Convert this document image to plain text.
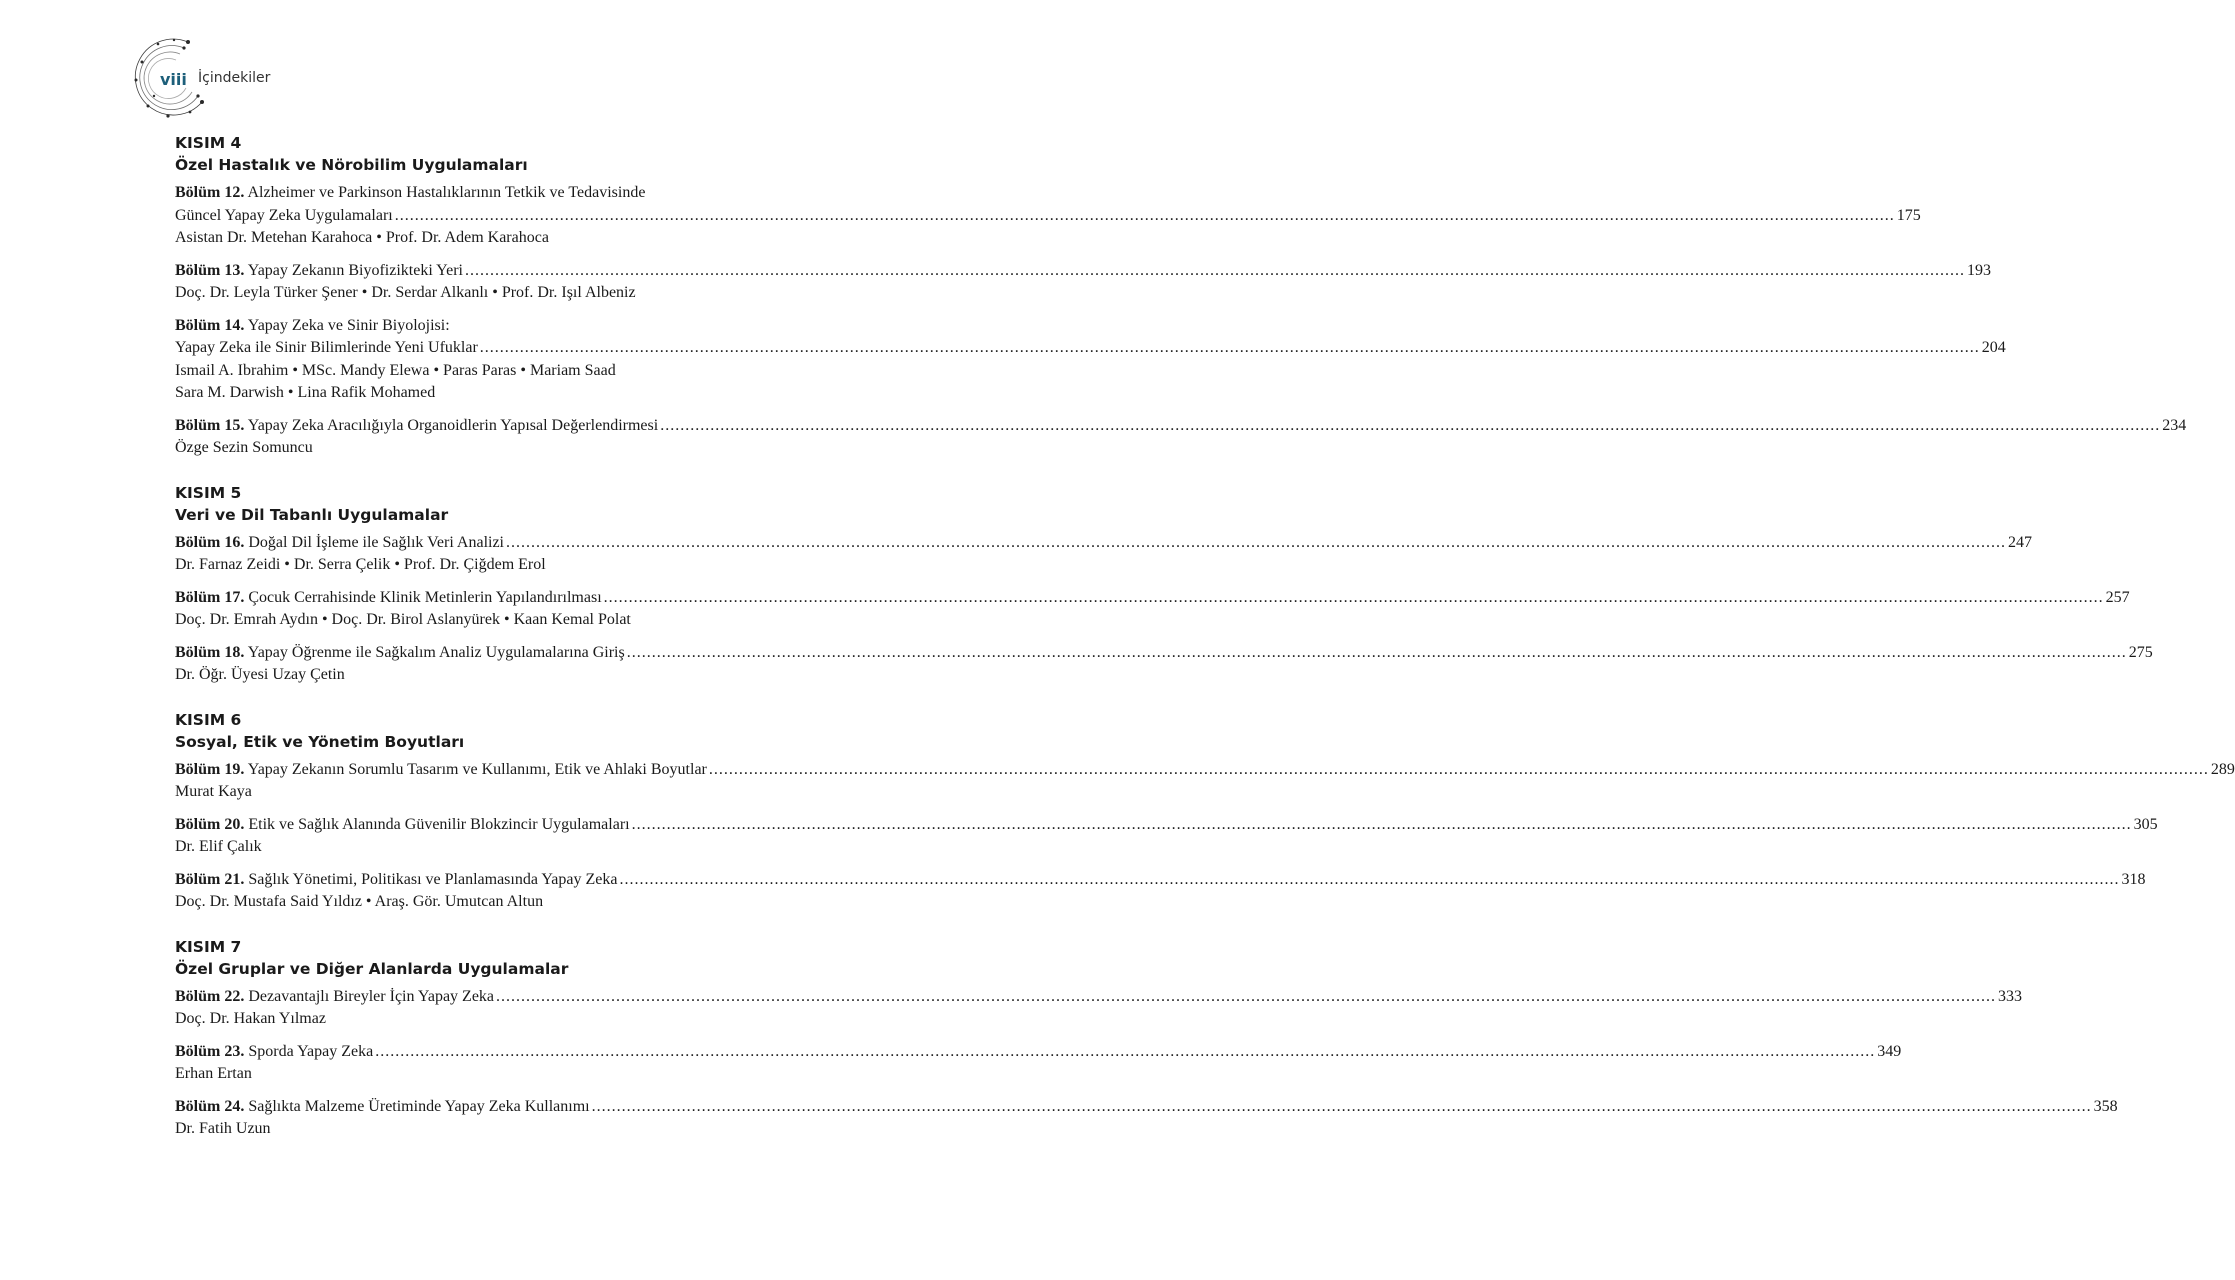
viii İçindekiler
KISIM 4
Özel Hastalık ve Nörobilim Uygulamaları
Bölüm 12. Alzheimer ve Parkinson Hastalıklarının Tetkik ve Tedavisinde
Güncel Yapay Zeka Uygulamaları ............................................................................................................................................................................................................................................................................................................ 175
Asistan Dr. Metehan Karahoca • Prof. Dr. Adem Karahoca
Bölüm 13. Yapay Zekanın Biyofizikteki Yeri ............................................................................................................................................................................................................................................................................................................ 193
Doç. Dr. Leyla Türker Şener • Dr. Serdar Alkanlı • Prof. Dr. Işıl Albeniz
Bölüm 14. Yapay Zeka ve Sinir Biyolojisi:
Yapay Zeka ile Sinir Bilimlerinde Yeni Ufuklar ............................................................................................................................................................................................................................................................................................................ 204
Ismail A. Ibrahim • MSc. Mandy Elewa • Paras Paras • Mariam Saad
Sara M. Darwish • Lina Rafik Mohamed
Bölüm 15. Yapay Zeka Aracılığıyla Organoidlerin Yapısal Değerlendirmesi ............................................................................................................................................................................................................................................................................................................ 234
Özge Sezin Somuncu
KISIM 5
Veri ve Dil Tabanlı Uygulamalar
Bölüm 16. Doğal Dil İşleme ile Sağlık Veri Analizi ............................................................................................................................................................................................................................................................................................................ 247
Dr. Farnaz Zeidi • Dr. Serra Çelik • Prof. Dr. Çiğdem Erol
Bölüm 17. Çocuk Cerrahisinde Klinik Metinlerin Yapılandırılması ............................................................................................................................................................................................................................................................................................................ 257
Doç. Dr. Emrah Aydın • Doç. Dr. Birol Aslanyürek • Kaan Kemal Polat
Bölüm 18. Yapay Öğrenme ile Sağkalım Analiz Uygulamalarına Giriş ............................................................................................................................................................................................................................................................................................................ 275
Dr. Öğr. Üyesi Uzay Çetin
KISIM 6
Sosyal, Etik ve Yönetim Boyutları
Bölüm 19. Yapay Zekanın Sorumlu Tasarım ve Kullanımı, Etik ve Ahlaki Boyutlar ............................................................................................................................................................................................................................................................................................................ 289
Murat Kaya
Bölüm 20. Etik ve Sağlık Alanında Güvenilir Blokzincir Uygulamaları ............................................................................................................................................................................................................................................................................................................ 305
Dr. Elif Çalık
Bölüm 21. Sağlık Yönetimi, Politikası ve Planlamasında Yapay Zeka ............................................................................................................................................................................................................................................................................................................ 318
Doç. Dr. Mustafa Said Yıldız • Araş. Gör. Umutcan Altun
KISIM 7
Özel Gruplar ve Diğer Alanlarda Uygulamalar
Bölüm 22. Dezavantajlı Bireyler İçin Yapay Zeka ............................................................................................................................................................................................................................................................................................................ 333
Doç. Dr. Hakan Yılmaz
Bölüm 23. Sporda Yapay Zeka ............................................................................................................................................................................................................................................................................................................ 349
Erhan Ertan
Bölüm 24. Sağlıkta Malzeme Üretiminde Yapay Zeka Kullanımı ............................................................................................................................................................................................................................................................................................................ 358
Dr. Fatih Uzun
